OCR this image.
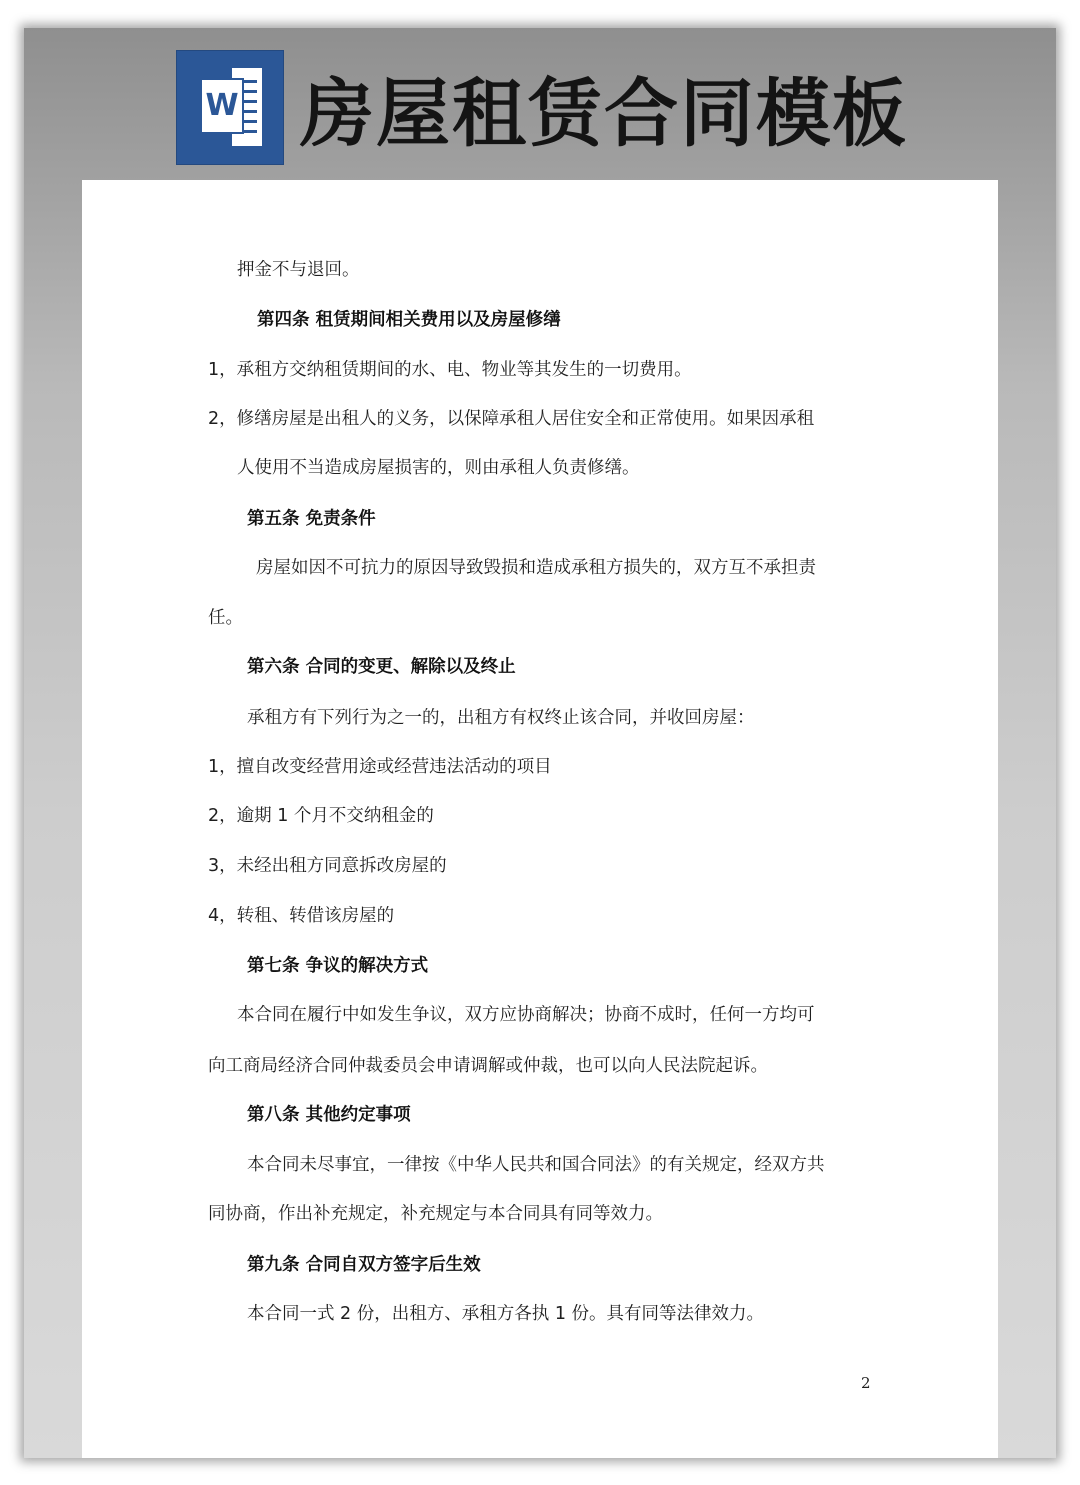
W 房屋租赁合同模板
押金不与退回。
第四条 租赁期间相关费用以及房屋修缮
1，承租方交纳租赁期间的水、电、物业等其发生的一切费用。
2，修缮房屋是出租人的义务，以保障承租人居住安全和正常使用。如果因承租
人使用不当造成房屋损害的，则由承租人负责修缮。
第五条 免责条件
房屋如因不可抗力的原因导致毁损和造成承租方损失的，双方互不承担责
任。
第六条 合同的变更、解除以及终止
承租方有下列行为之一的，出租方有权终止该合同，并收回房屋：
1，擅自改变经营用途或经营违法活动的项目
2，逾期 1 个月不交纳租金的
3，未经出租方同意拆改房屋的
4，转租、转借该房屋的
第七条 争议的解决方式
本合同在履行中如发生争议，双方应协商解决；协商不成时，任何一方均可
向工商局经济合同仲裁委员会申请调解或仲裁，也可以向人民法院起诉。
第八条 其他约定事项
本合同未尽事宜，一律按《中华人民共和国合同法》的有关规定，经双方共
同协商，作出补充规定，补充规定与本合同具有同等效力。
第九条 合同自双方签字后生效
本合同一式 2 份，出租方、承租方各执 1 份。具有同等法律效力。
2
